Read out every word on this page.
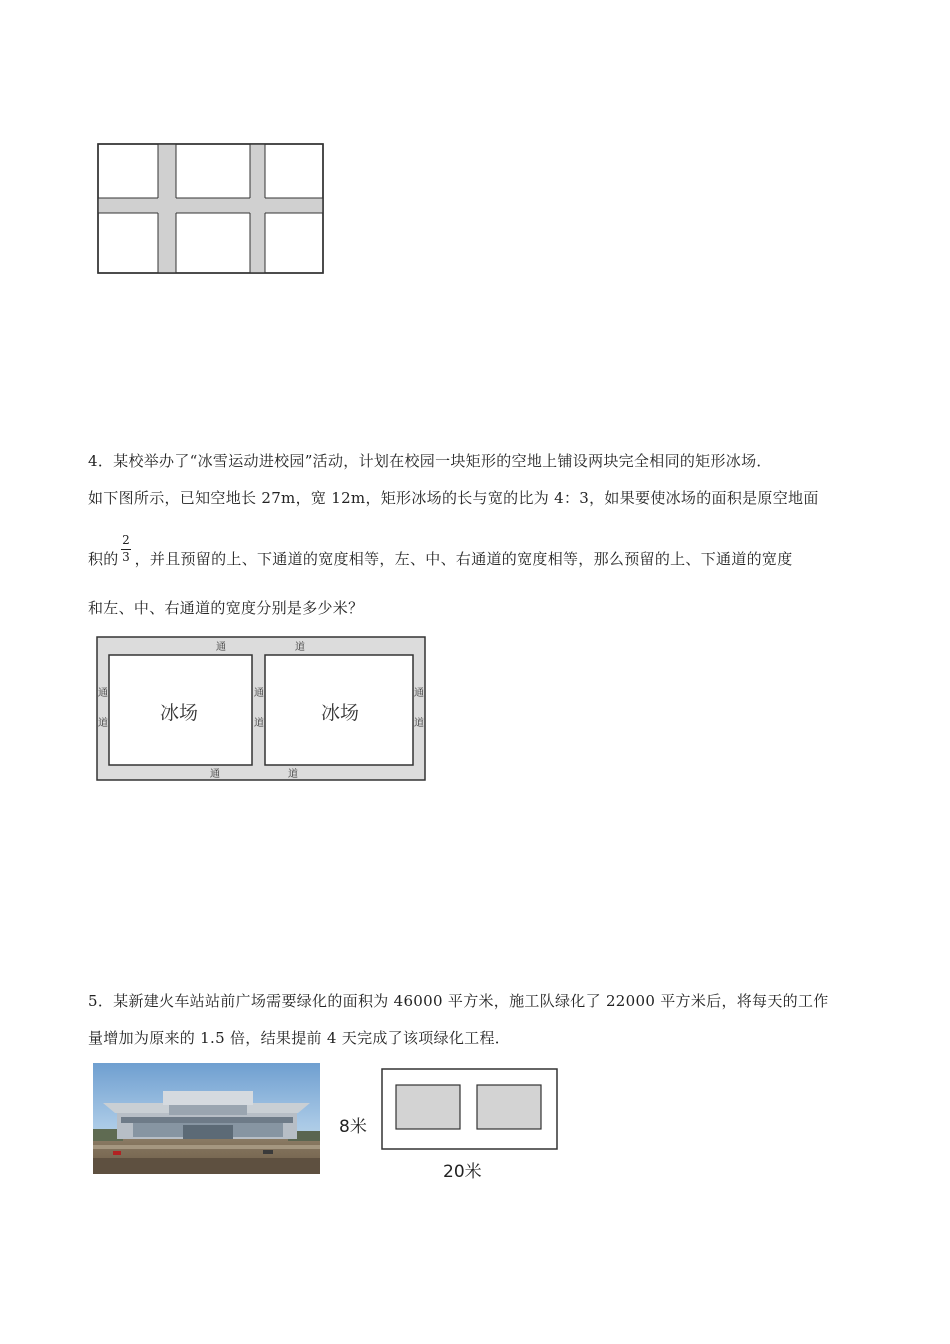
4．某校举办了“冰雪运动进校园”活动，计划在校园一块矩形的空地上铺设两块完全相同的矩形冰场．
如下图所示，已知空地长 27m，宽 12m，矩形冰场的长与宽的比为 4：3，如果要使冰场的面积是原空地面
积的 ，并且预留的上、下通道的宽度相等，左、中、右通道的宽度相等，那么预留的上、下通道的宽度
2
3
和左、中、右通道的宽度分别是多少米？
冰场	冰场
通	道
通	道
通
道
通
道
通
道
5．某新建火车站站前广场需要绿化的面积为 46000 平方米，施工队绿化了 22000 平方米后，将每天的工作
量增加为原来的 1.5 倍，结果提前 4 天完成了该项绿化工程．
8米
20米
